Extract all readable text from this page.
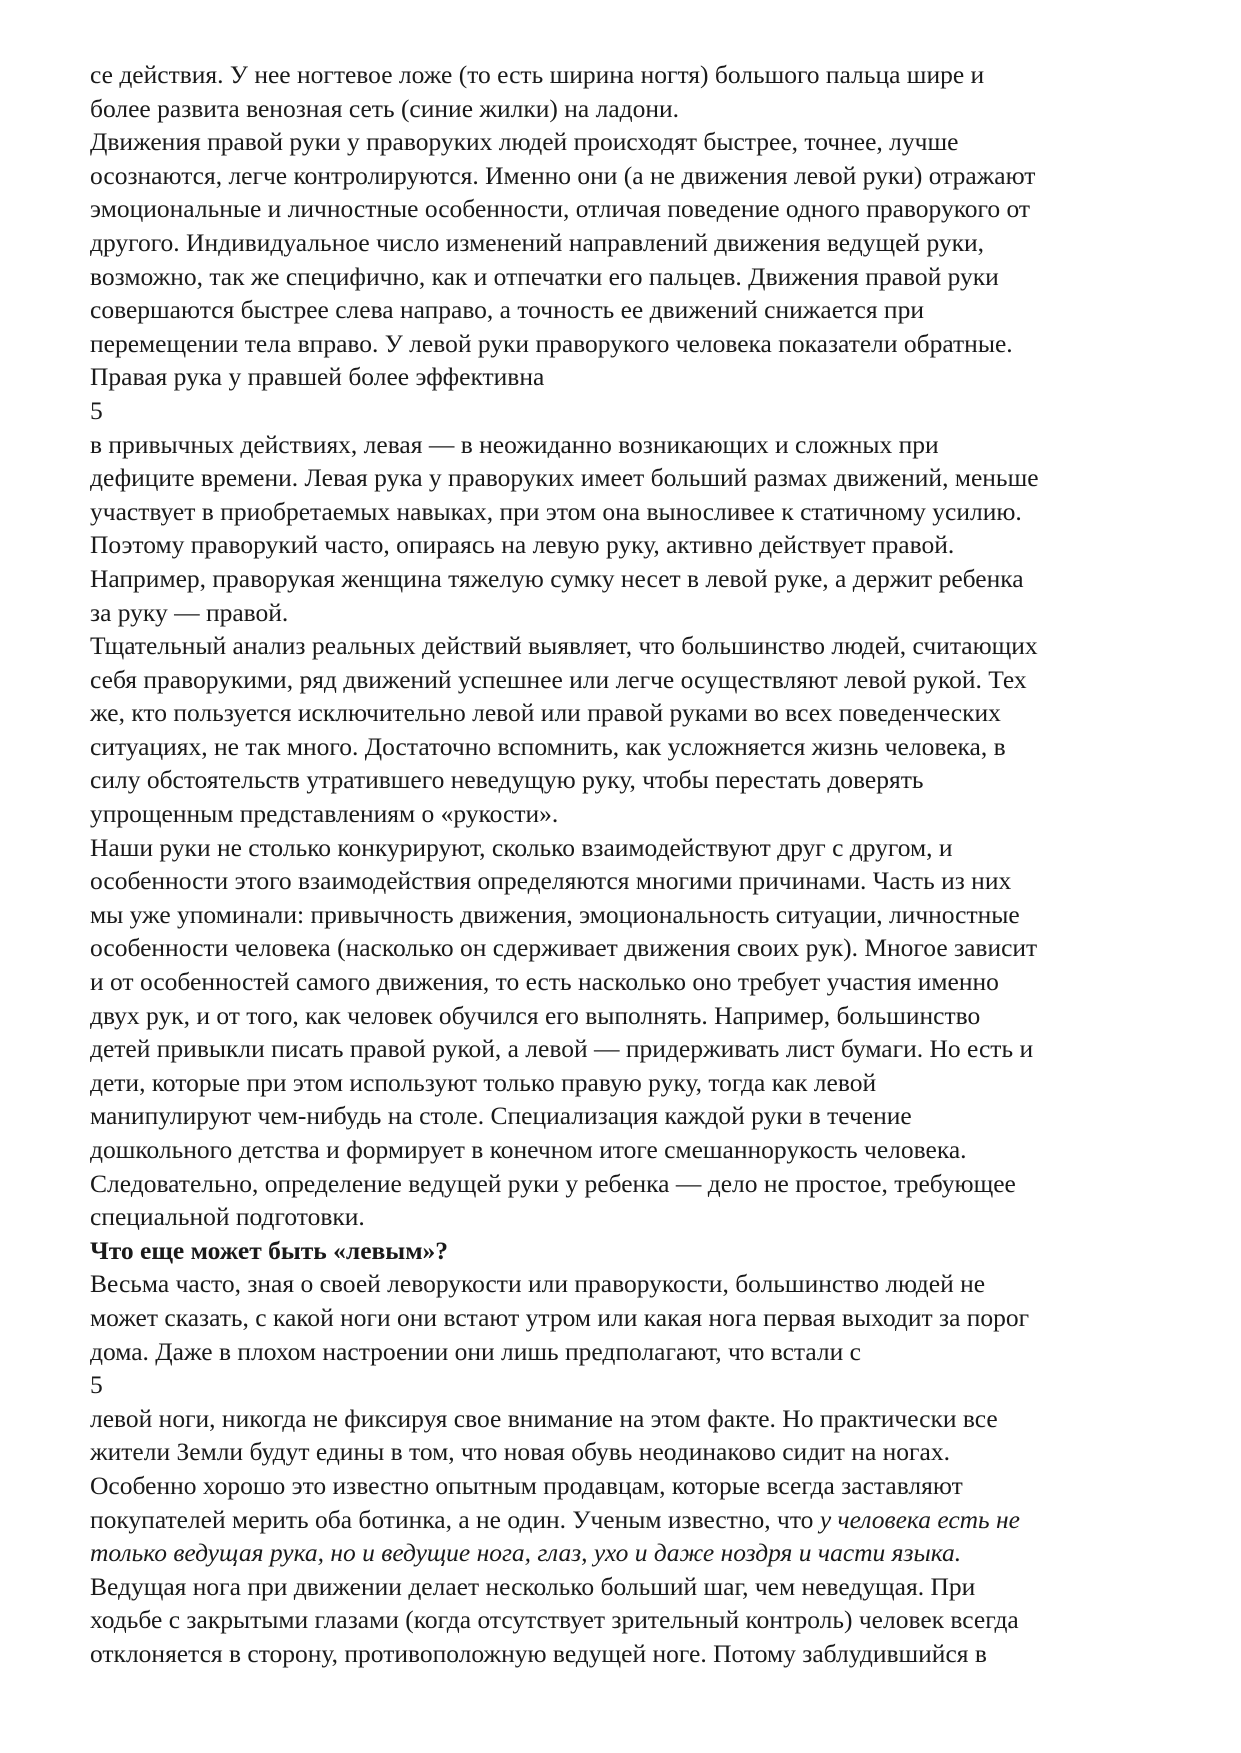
се действия. У нее ногтевое ложе (то есть ширина ногтя) большого пальца шире и
более развита венозная сеть (синие жилки) на ладони.
Движения правой руки у праворуких людей происходят быстрее, точнее, лучше
осознаются, легче контролируются. Именно они (а не движения левой руки) отражают
эмоциональные и личностные особенности, отличая поведение одного праворукого от
другого. Индивидуальное число изменений направлений движения ведущей руки,
возможно, так же специфично, как и отпечатки его пальцев. Движения правой руки
совершаются быстрее слева направо, а точность ее движений снижается при
перемещении тела вправо. У левой руки праворукого человека показатели обратные.
Правая рука у правшей более эффективна
5
в привычных действиях, левая — в неожиданно возникающих и сложных при
дефиците времени. Левая рука у праворуких имеет больший размах движений, меньше
участвует в приобретаемых навыках, при этом она выносливее к статичному усилию.
Поэтому праворукий часто, опираясь на левую руку, активно действует правой.
Например, праворукая женщина тяжелую сумку несет в левой руке, а держит ребенка
за руку — правой.
Тщательный анализ реальных действий выявляет, что большинство людей, считающих
себя праворукими, ряд движений успешнее или легче осуществляют левой рукой. Тех
же, кто пользуется исключительно левой или правой руками во всех поведенческих
ситуациях, не так много. Достаточно вспомнить, как усложняется жизнь человека, в
силу обстоятельств утратившего неведущую руку, чтобы перестать доверять
упрощенным представлениям о «рукости».
Наши руки не столько конкурируют, сколько взаимодействуют друг с другом, и
особенности этого взаимодействия определяются многими причинами. Часть из них
мы уже упоминали: привычность движения, эмоциональность ситуации, личностные
особенности человека (насколько он сдерживает движения своих рук). Многое зависит
и от особенностей самого движения, то есть насколько оно требует участия именно
двух рук, и от того, как человек обучился его выполнять. Например, большинство
детей привыкли писать правой рукой, а левой — придерживать лист бумаги. Но есть и
дети, которые при этом используют только правую руку, тогда как левой
манипулируют чем-нибудь на столе. Специализация каждой руки в течение
дошкольного детства и формирует в конечном итоге смешаннорукость человека.
Следовательно, определение ведущей руки у ребенка — дело не простое, требующее
специальной подготовки.
Что еще может быть «левым»?
Весьма часто, зная о своей леворукости или праворукости, большинство людей не
может сказать, с какой ноги они встают утром или какая нога первая выходит за порог
дома. Даже в плохом настроении они лишь предполагают, что встали с
5
левой ноги, никогда не фиксируя свое внимание на этом факте. Но практически все
жители Земли будут едины в том, что новая обувь неодинаково сидит на ногах.
Особенно хорошо это известно опытным продавцам, которые всегда заставляют
покупателей мерить оба ботинка, а не один. Ученым известно, что у человека есть не
только ведущая рука, но и ведущие нога, глаз, ухо и даже ноздря и части языка.
Ведущая нога при движении делает несколько больший шаг, чем неведущая. При
ходьбе с закрытыми глазами (когда отсутствует зрительный контроль) человек всегда
отклоняется в сторону, противоположную ведущей ноге. Потому заблудившийся в
